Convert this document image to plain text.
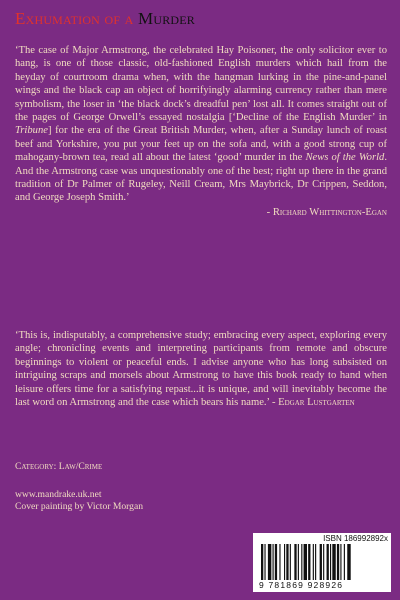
Exhumation of a Murder
‘The case of Major Armstrong, the celebrated Hay Poisoner, the only solicitor ever to hang, is one of those classic, old-fashioned English murders which hail from the heyday of courtroom drama when, with the hangman lurking in the pine-and-panel wings and the black cap an object of horrifyingly alarming currency rather than mere symbolism, the loser in ‘the black dock’s dreadful pen’ lost all. It comes straight out of the pages of George Orwell’s essayed nostalgia [‘Decline of the English Murder’ in Tribune] for the era of the Great British Murder, when, after a Sunday lunch of roast beef and Yorkshire, you put your feet up on the sofa and, with a good strong cup of mahogany-brown tea, read all about the latest ‘good’ murder in the News of the World. And the Armstrong case was unquestionably one of the best; right up there in the grand tradition of Dr Palmer of Rugeley, Neill Cream, Mrs Maybrick, Dr Crippen, Seddon, and George Joseph Smith.’
- Richard Whittington-Egan
‘This is, indisputably, a comprehensive study; embracing every aspect, exploring every angle; chronicling events and interpreting participants from remote and obscure beginnings to violent or peaceful ends. I advise anyone who has long subsisted on intriguing scraps and morsels about Armstrong to have this book ready to hand when leisure offers time for a satisfying repast...it is unique, and will inevitably become the last word on Armstrong and the case which bears his name.’ - Edgar Lustgarten
Category: Law/Crime
www.mandrake.uk.net
Cover painting by Victor Morgan
ISBN 186992892x
9 781869 928926
